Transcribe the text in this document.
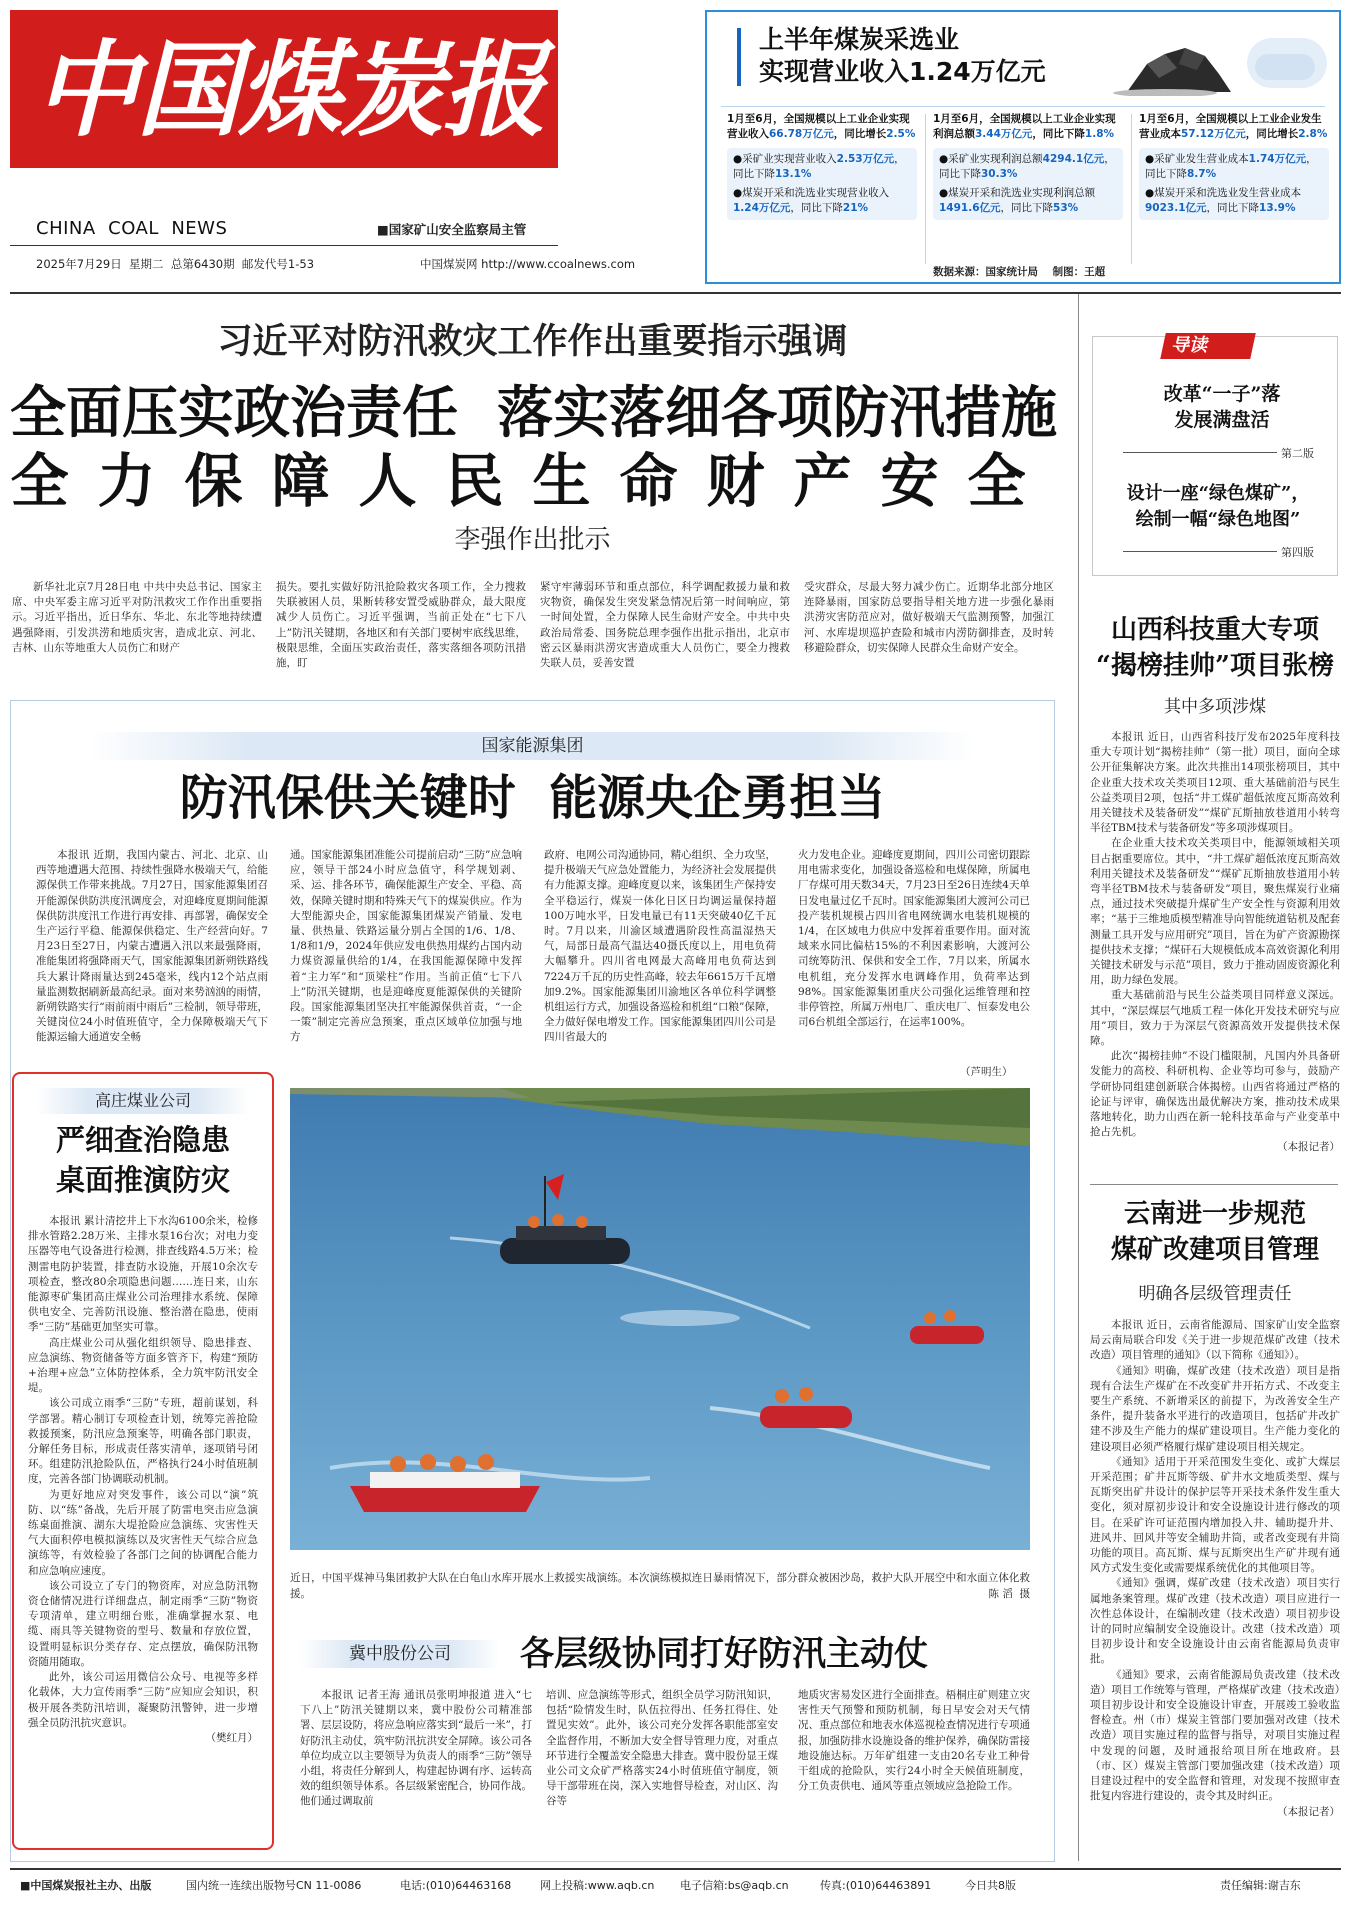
中国煤炭报
CHINA  COAL  NEWS	■国家矿山安全监察局主管
2025年7月29日  星期二  总第6430期  邮发代号1-53	中国煤炭网 http://www.ccoalnews.com
上半年煤炭采选业
实现营业收入1.24万亿元
1月至6月，全国规模以上工业企业实现营业收入66.78万亿元，同比增长2.5%
●采矿业实现营业收入2.53万亿元，同比下降13.1%
●煤炭开采和洗选业实现营业收入1.24万亿元，同比下降21%
1月至6月，全国规模以上工业企业实现利润总额3.44万亿元，同比下降1.8%
●采矿业实现利润总额4294.1亿元，同比下降30.3%
●煤炭开采和洗选业实现利润总额1491.6亿元，同比下降53%
1月至6月，全国规模以上工业企业发生营业成本57.12万亿元，同比增长2.8%
●采矿业发生营业成本1.74万亿元，同比下降8.7%
●煤炭开采和洗选业发生营业成本9023.1亿元，同比下降13.9%
数据来源：国家统计局    制图：王超
习近平对防汛救灾工作作出重要指示强调
全面压实政治责任  落实落细各项防汛措施
全力保障人民生命财产安全
李强作出批示
新华社北京7月28日电 中共中央总书记、国家主席、中央军委主席习近平对防汛救灾工作作出重要指示。习近平指出，近日华东、华北、东北等地持续遭遇强降雨，引发洪涝和地质灾害，造成北京、河北、吉林、山东等地重大人员伤亡和财产
损失。要扎实做好防汛抢险救灾各项工作，全力搜救失联被困人员，果断转移安置受威胁群众，最大限度减少人员伤亡。习近平强调，当前正处在“七下八上”防汛关键期，各地区和有关部门要树牢底线思维，极限思维，全面压实政治责任，落实落细各项防汛措施，盯
紧守牢薄弱环节和重点部位，科学调配救援力量和救灾物资，确保发生突发紧急情况后第一时间响应，第一时间处置，全力保障人民生命财产安全。中共中央政治局常委、国务院总理李强作出批示指出，北京市密云区暴雨洪涝灾害造成重大人员伤亡，要全力搜救失联人员，妥善安置
受灾群众，尽最大努力减少伤亡。近期华北部分地区连降暴雨，国家防总要指导相关地方进一步强化暴雨洪涝灾害防范应对，做好极端天气监测预警，加强江河、水库堤坝巡护查险和城市内涝防御排查，及时转移避险群众，切实保障人民群众生命财产安全。
导读
改革“一子”落
发展满盘活
第二版
设计一座“绿色煤矿”，
绘制一幅“绿色地图”
第四版
山西科技重大专项
“揭榜挂帅”项目张榜
其中多项涉煤

本报讯 近日，山西省科技厅发布2025年度科技重大专项计划“揭榜挂帅”（第一批）项目，面向全球公开征集解决方案。此次共推出14项张榜项目，其中企业重大技术攻关类项目12项、重大基础前沿与民生公益类项目2项，包括“井工煤矿超低浓度瓦斯高效利用关键技术及装备研发”“煤矿瓦斯抽放巷道用小转弯半径TBM技术与装备研发”等多项涉煤项目。

在企业重大技术攻关类项目中，能源领域相关项目占据重要席位。其中，“井工煤矿超低浓度瓦斯高效利用关键技术及装备研发”“煤矿瓦斯抽放巷道用小转弯半径TBM技术与装备研发”项目，聚焦煤炭行业痛点，通过技术突破提升煤矿生产安全性与资源利用效率；“基于三维地质模型精准导向智能统道钻机及配套测量工具开发与应用研究”项目，旨在为矿产资源勘探提供技术支撑；“煤矸石大规模低成本高效资源化利用关键技术研发与示范”项目，致力于推动固废资源化利用，助力绿色发展。

重大基础前沿与民生公益类项目同样意义深远。其中，“深层煤层气地质工程一体化开发技术研究与应用”项目，致力于为深层气资源高效开发提供技术保障。

此次“揭榜挂帅”不设门槛限制，凡国内外具备研发能力的高校、科研机构、企业等均可参与，鼓励产学研协同组建创新联合体揭榜。山西省将通过严格的论证与评审，确保选出最优解决方案，推动技术成果落地转化，助力山西在新一轮科技革命与产业变革中抢占先机。

（本报记者）
云南进一步规范
煤矿改建项目管理
明确各层级管理责任

本报讯 近日，云南省能源局、国家矿山安全监察局云南局联合印发《关于进一步规范煤矿改建（技术改造）项目管理的通知》（以下简称《通知》）。

《通知》明确，煤矿改建（技术改造）项目是指现有合法生产煤矿在不改变矿井开拓方式、不改变主要生产系统、不新增采区的前提下，为改善安全生产条件，提升装备水平进行的改造项目，包括矿井改扩建不涉及生产能力的煤矿建设项目。生产能力变化的建设项目必须严格履行煤矿建设项目相关规定。

《通知》适用于开采范围发生变化、或扩大煤层开采范围；矿井瓦斯等级、矿井水文地质类型、煤与瓦斯突出矿井设计的保护层等开采技术条件发生重大变化，须对原初步设计和安全设施设计进行修改的项目。在采矿许可证范围内增加投入井、辅助提升井、进风井、回风井等安全辅助井筒，或者改变现有井筒功能的项目。高瓦斯、煤与瓦斯突出生产矿井现有通风方式发生变化或需要煤系统优化的其他项目等。

《通知》强调，煤矿改建（技术改造）项目实行属地条案管理。煤矿改建（技术改造）项目应进行一次性总体设计，在编制改建（技术改造）项目初步设计的同时应编制安全设施设计。改建（技术改造）项目初步设计和安全设施设计由云南省能源局负责审批。

《通知》要求，云南省能源局负责改建（技术改造）项目工作统筹与管理，严格煤矿改建（技术改造）项目初步设计和安全设施设计审查，开展竣工验收监督检查。州（市）煤炭主管部门要加强对改建（技术改造）项目实施过程的监督与指导，对项目实施过程中发现的问题，及时通报给项目所在地政府。县（市、区）煤炭主管部门要加强改建（技术改造）项目建设过程中的安全监督和管理，对发现不按照审查批复内容进行建设的，责令其及时纠正。

（本报记者）
国家能源集团
防汛保供关键时  能源央企勇担当
本报讯 近期，我国内蒙古、河北、北京、山西等地遭遇大范围、持续性强降水极端天气，给能源保供工作带来挑战。7月27日，国家能源集团召开能源保供防洪度汛调度会，对迎峰度夏期间能源保供防洪度汛工作进行再安排、再部署，确保安全生产运行平稳、能源保供稳定、生产经营向好。7月23日至27日，内蒙古遭遇入汛以来最强降雨，准能集团将强降雨天气，国家能源集团新朔铁路线兵大累计降雨量达到245毫米，线内12个站点雨量监测数据刷新最高纪录。面对来势汹汹的雨情，新朔铁路实行“雨前雨中雨后”三检制，领导带班，关键岗位24小时值班值守，全力保障极端天气下能源运输大通道安全畅
通。国家能源集团准能公司提前启动“三防”应急响应，领导干部24小时应急值守，科学规划剥、采、运、排各环节，确保能源生产安全、平稳、高效，保障关键时期和特殊天气下的煤炭供应。作为大型能源央企，国家能源集团煤炭产销量、发电量、供热量、铁路运量分别占全国的1/6、1/8、1/8和1/9，2024年供应发电供热用煤约占国内动力煤资源量供给的1/4，在我国能源保障中发挥着“主力军”和“顶梁柱”作用。当前正值“七下八上”防汛关键期，也是迎峰度夏能源保供的关键阶段。国家能源集团坚决扛牢能源保供首责，“一企一策”制定完善应急预案，重点区域单位加强与地方
政府、电网公司沟通协同，精心组织、全力攻坚，提升极端天气应急处置能力，为经济社会发展提供有力能源支撑。迎峰度夏以来，该集团生产保持安全平稳运行，煤炭一体化日区日均调运量保持超100万吨水平，日发电量已有11天突破40亿千瓦时。7月以来，川渝区域遭遇阶段性高温湿热天气，局部日最高气温达40摄氏度以上，用电负荷大幅攀升。四川省电网最大高峰用电负荷达到7224万千瓦的历史性高峰，较去年6615万千瓦增加9.2%。国家能源集团川渝地区各单位科学调整机组运行方式，加强设备巡检和机组“口粮”保障，全力做好保电增发工作。国家能源集团四川公司是四川省最大的
火力发电企业。迎峰度夏期间，四川公司密切跟踪用电需求变化，加强设备巡检和电煤保障，所属电厂存煤可用天数34天，7月23日至26日连续4天单日发电量过亿千瓦时。国家能源集团大渡河公司已投产装机规模占四川省电网统调水电装机规模的1/4，在区域电力供应中发挥着重要作用。面对流域来水同比偏枯15%的不利因素影响，大渡河公司统筹防汛、保供和安全工作，7月以来，所属水电机组，充分发挥水电调峰作用，负荷率达到98%。国家能源集团重庆公司强化运维管理和控非停管控，所属万州电厂、重庆电厂、恒泰发电公司6台机组全部运行，在运率100%。
（芦明生）
近日，中国平煤神马集团救护大队在白龟山水库开展水上救援实战演练。本次演练模拟连日暴雨情况下，部分群众被困沙岛，救护大队开展空中和水面立体化救援。	陈 滔  摄
高庄煤业公司
严细查治隐患
桌面推演防灾

本报讯 累计清挖井上下水沟6100余米，检修排水管路2.28万米、主排水泵16台次；对电力变压器等电气设备进行检测，排查线路4.5万米；检测雷电防护装置，排查防水设施，开展10余次专项检查，整改80余项隐患问题……连日来，山东能源枣矿集团高庄煤业公司治理排水系统、保障供电安全、完善防汛设施、整治潜在隐患，使雨季“三防”基础更加坚实可靠。

高庄煤业公司从强化组织领导、隐患排查、应急演练、物资储备等方面多管齐下，构建“预防+治理+应急”立体防控体系，全力筑牢防汛安全堤。

该公司成立雨季“三防”专班，超前谋划，科学部署。精心制订专项检查计划，统筹完善抢险救援预案，防汛应急预案等，明确各部门职责，分解任务目标，形成责任落实清单，逐项销号闭环。组建防汛抢险队伍，严格执行24小时值班制度，完善各部门协调联动机制。

为更好地应对突发事件，该公司以“演”筑防、以“练”备战，先后开展了防雷电突击应急演练桌面推演、湖东大堤抢险应急演练、灾害性天气大面积停电模拟演练以及灾害性天气综合应急演练等，有效检验了各部门之间的协调配合能力和应急响应速度。

该公司设立了专门的物资库，对应急防汛物资仓储情况进行详细盘点，制定雨季“三防”物资专项清单，建立明细台账，准确掌握水泵、电缆、雨具等关键物资的型号、数量和存放位置，设置明显标识分类存存、定点摆放，确保防汛物资随用随取。

此外，该公司运用微信公众号、电视等多样化载体，大力宣传雨季“三防”应知应会知识，积极开展各类防汛培训，凝聚防汛警钟，进一步增强全员防汛抗灾意识。

（樊红月）
冀中股份公司	各层级协同打好防汛主动仗
本报讯 记者王海 通讯员张明坤报道 进入“七下八上”防汛关键期以来，冀中股份公司精准部署、层层设防，将应急响应落实到“最后一米”，打好防汛主动仗，筑牢防汛抗洪安全屏障。该公司各单位均成立以主要领导为负责人的雨季“三防”领导小组，将责任分解到人，构建起协调有序、运转高效的组织领导体系。各层级紧密配合，协同作战。他们通过调取前
培训、应急演练等形式，组织全员学习防汛知识，包括“险情发生时，队伍拉得出、任务扛得住、处置见实效”。此外，该公司充分发挥各职能部室安全监督作用，不断加大安全督导管理力度，对重点环节进行全覆盖安全隐患大排查。冀中股份显王煤业公司文众矿严格落实24小时值班值守制度，领导干部带班在岗，深入实地督导检查，对山区、沟谷等
地质灾害易发区进行全面排查。梧桐庄矿则建立灾害性天气预警和预防机制，每日早安会对天气情况、重点部位和地表水体巡视检查情况进行专项通报，加强防排水设施设备的维护保养，确保防雷接地设施达标。万年矿组建一支由20名专业工种骨干组成的抢险队，实行24小时全天候值班制度，分工负责供电、通风等重点领域应急抢险工作。
■中国煤炭报社主办、出版	国内统一连续出版物号CN 11-0086	电话:(010)64463168	网上投稿:www.aqb.cn 电子信箱:bs@aqb.cn	传真:(010)64463891	今日共8版	责任编辑:谢吉东
